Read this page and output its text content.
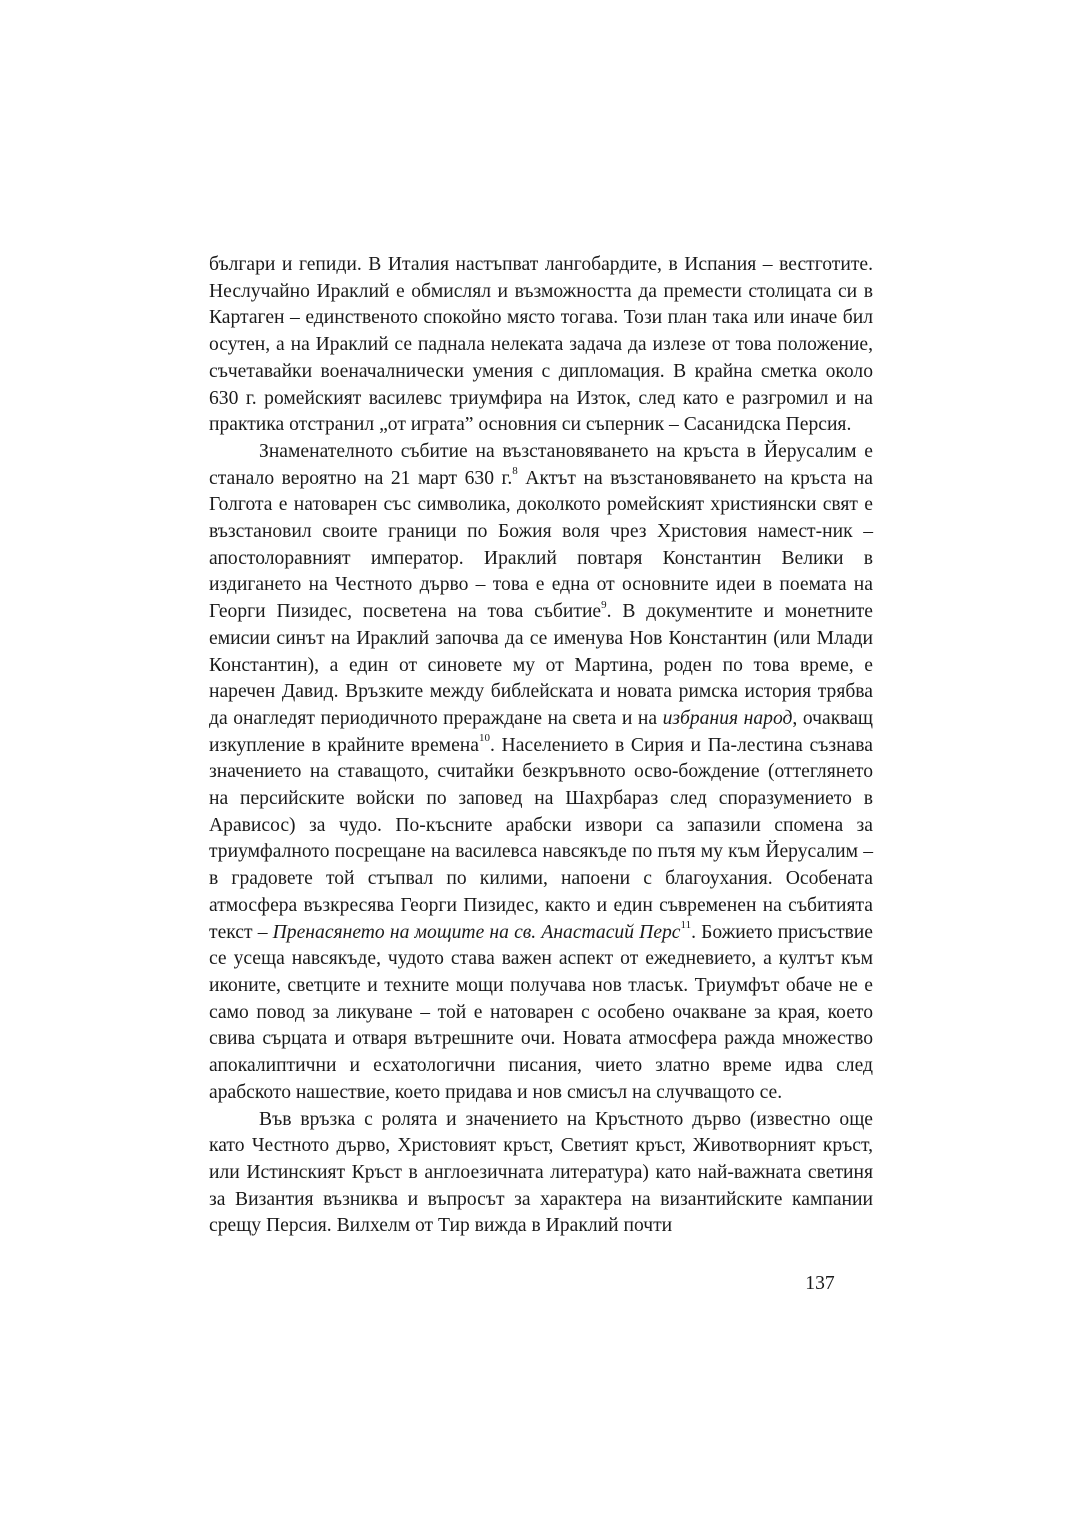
българи и гепиди. В Италия настъпват лангобардите, в Испания – вестготите. Неслучайно Ираклий е обмислял и възможността да премести столицата си в Картаген – единственото спокойно място тогава. Този план така или иначе бил осутен, а на Ираклий се паднала нелеката задача да излезе от това положение, съчетавайки военачалнически умения с дипломация. В крайна сметка около 630 г. ромейският василевс триумфира на Изток, след като е разгромил и на практика отстранил „от играта” основния си съперник – Сасанидска Персия.

Знаменателното събитие на възстановяването на кръста в Йерусалим е станало вероятно на 21 март 630 г.$^8$ Актът на възстановяването на кръста на Голгота е натоварен със символика, доколкото ромейският християнски свят е възстановил своите граници по Божия воля чрез Христовия намест-ник – апостолоравният император. Ираклий повтаря Константин Велики в издигането на Честното дърво – това е една от основните идеи в поемата на Георги Пизидес, посветена на това събитие$^9$. В документите и монетните емисии синът на Ираклий започва да се именува Нов Константин (или Млади Константин), а един от синовете му от Мартина, роден по това време, е наречен Давид. Връзките между библейската и новата римска история трябва да онагледят периодичното прераждане на света и на избрания народ, очакващ изкупление в крайните времена$^{10}$. Населението в Сирия и Па-лестина съзнава значението на ставащото, считайки безкръвното осво-бождение (оттеглянето на персийските войски по заповед на Шахрбараз след споразумението в Арависос) за чудо. По-късните арабски извори са запазили спомена за триумфалното посрещане на василевса навсякъде по пътя му към Йерусалим – в градовете той стъпвал по килими, напоени с благоухания. Особената атмосфера възкресява Георги Пизидес, както и един съвременен на събитията текст – Пренасянето на мощите на св. Анастасий Перс$^{11}$. Божието присъствие се усеща навсякъде, чудото става важен аспект от ежедневието, а култът към иконите, светците и техните мощи получава нов тласък. Триумфът обаче не е само повод за ликуване – той е натоварен с особено очакване за края, което свива сърцата и отваря вътрешните очи. Новата атмосфера ражда множество апокалиптични и есхатологични писания, чието златно време идва след арабското нашествие, което придава и нов смисъл на случващото се.

Във връзка с ролята и значението на Кръстното дърво (известно още като Честното дърво, Христовият кръст, Светият кръст, Животворният кръст, или Истинският Кръст в англоезичната литература) като най-важната светиня за Византия възниква и въпросът за характера на византийските кампании срещу Персия. Вилхелм от Тир вижда в Ираклий почти

137
